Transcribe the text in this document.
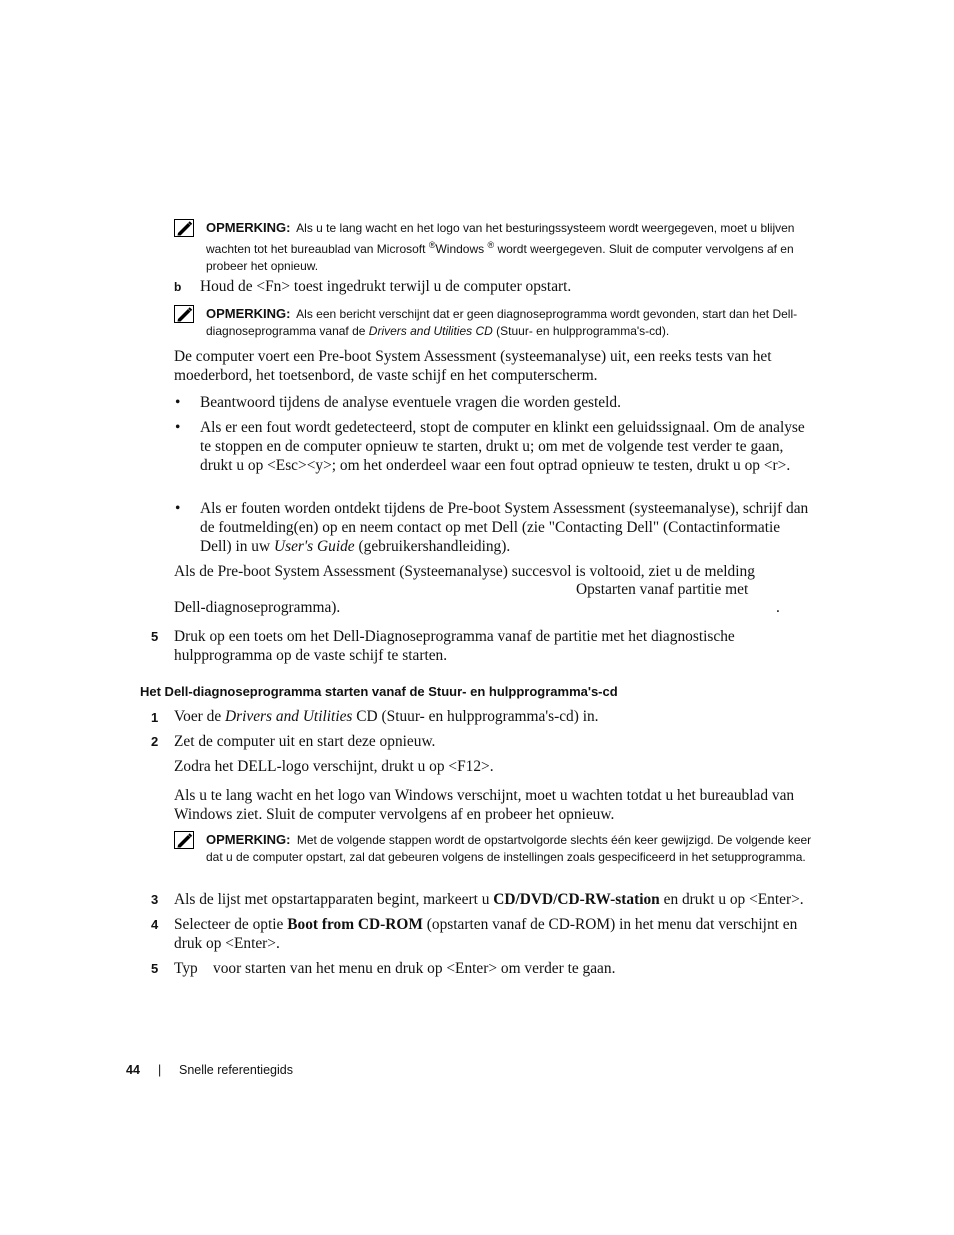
OPMERKING: Als u te lang wacht en het logo van het besturingssysteem wordt weergegeven, moet u blijven wachten tot het bureaublad van Microsoft ®Windows ® wordt weergegeven. Sluit de computer vervolgens af en probeer het opnieuw.
b Houd de <Fn> toest ingedrukt terwijl u de computer opstart.
OPMERKING: Als een bericht verschijnt dat er geen diagnoseprogramma wordt gevonden, start dan het Dell-diagnoseprogramma vanaf de Drivers and Utilities CD (Stuur- en hulpprogramma's-cd).
De computer voert een Pre-boot System Assessment (systeemanalyse) uit, een reeks tests van het moederbord, het toetsenbord, de vaste schijf en het computerscherm.
• Beantwoord tijdens de analyse eventuele vragen die worden gesteld.
• Als er een fout wordt gedetecteerd, stopt de computer en klinkt een geluidssignaal. Om de analyse te stoppen en de computer opnieuw te starten, drukt u; om met de volgende test verder te gaan, drukt u op <Esc><y>; om het onderdeel waar een fout optrad opnieuw te testen, drukt u op <r>.
• Als er fouten worden ontdekt tijdens de Pre-boot System Assessment (systeemanalyse), schrijf dan de foutmelding(en) op en neem contact op met Dell (zie "Contacting Dell" (Contactinformatie Dell) in uw User's Guide (gebruikershandleiding).
Als de Pre-boot System Assessment (Systeemanalyse) succesvol is voltooid, ziet u de melding
Opstarten vanaf partitie met
Dell-diagnoseprogramma).	.
5 Druk op een toets om het Dell-Diagnoseprogramma vanaf de partitie met het diagnostische hulpprogramma op de vaste schijf te starten.
Het Dell-diagnoseprogramma starten vanaf de Stuur- en hulpprogramma's-cd
1 Voer de Drivers and Utilities CD (Stuur- en hulpprogramma's-cd) in.
2 Zet de computer uit en start deze opnieuw.
Zodra het DELL-logo verschijnt, drukt u op <F12>.
Als u te lang wacht en het logo van Windows verschijnt, moet u wachten totdat u het bureaublad van Windows ziet. Sluit de computer vervolgens af en probeer het opnieuw.
OPMERKING: Met de volgende stappen wordt de opstartvolgorde slechts één keer gewijzigd. De volgende keer dat u de computer opstart, zal dat gebeuren volgens de instellingen zoals gespecificeerd in het setupprogramma.
3 Als de lijst met opstartapparaten begint, markeert u CD/DVD/CD-RW-station en drukt u op <Enter>.
4 Selecteer de optie Boot from CD-ROM (opstarten vanaf de CD-ROM) in het menu dat verschijnt en druk op <Enter>.
5 Typ voor starten van het menu en druk op <Enter> om verder te gaan.
44 | Snelle referentiegids
